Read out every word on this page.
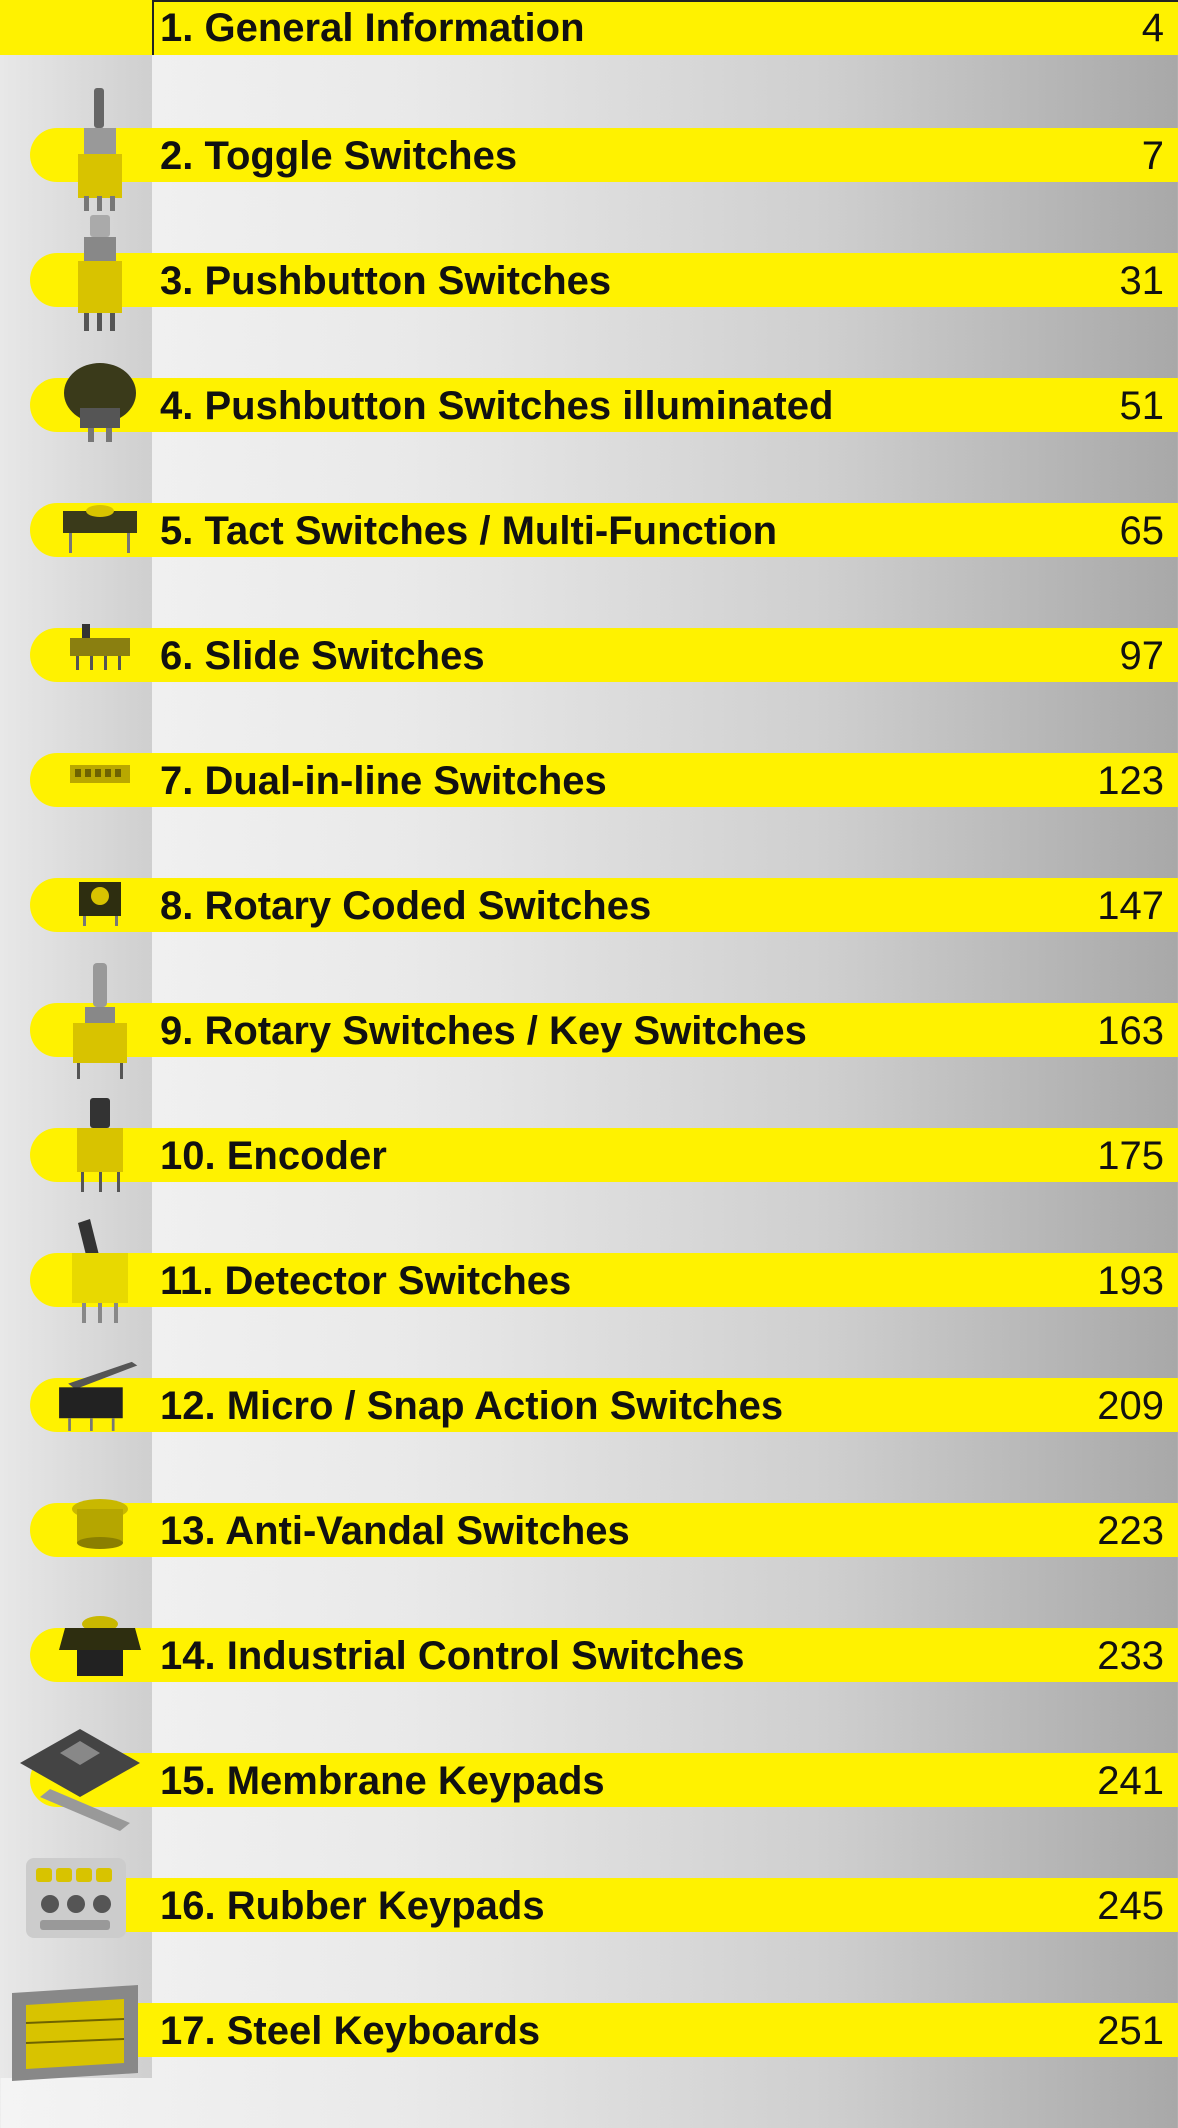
1. General Information	4
2. Toggle Switches	7
3. Pushbutton Switches	31
4. Pushbutton Switches illuminated	51
5. Tact Switches / Multi-Function	65
6. Slide Switches	97
7. Dual-in-line Switches	123
8. Rotary Coded Switches	147
9. Rotary Switches / Key Switches	163
10. Encoder	175
11. Detector Switches	193
12. Micro / Snap Action Switches	209
13. Anti-Vandal Switches	223
14. Industrial Control Switches	233
15. Membrane Keypads	241
16. Rubber Keypads	245
17. Steel Keyboards	251
